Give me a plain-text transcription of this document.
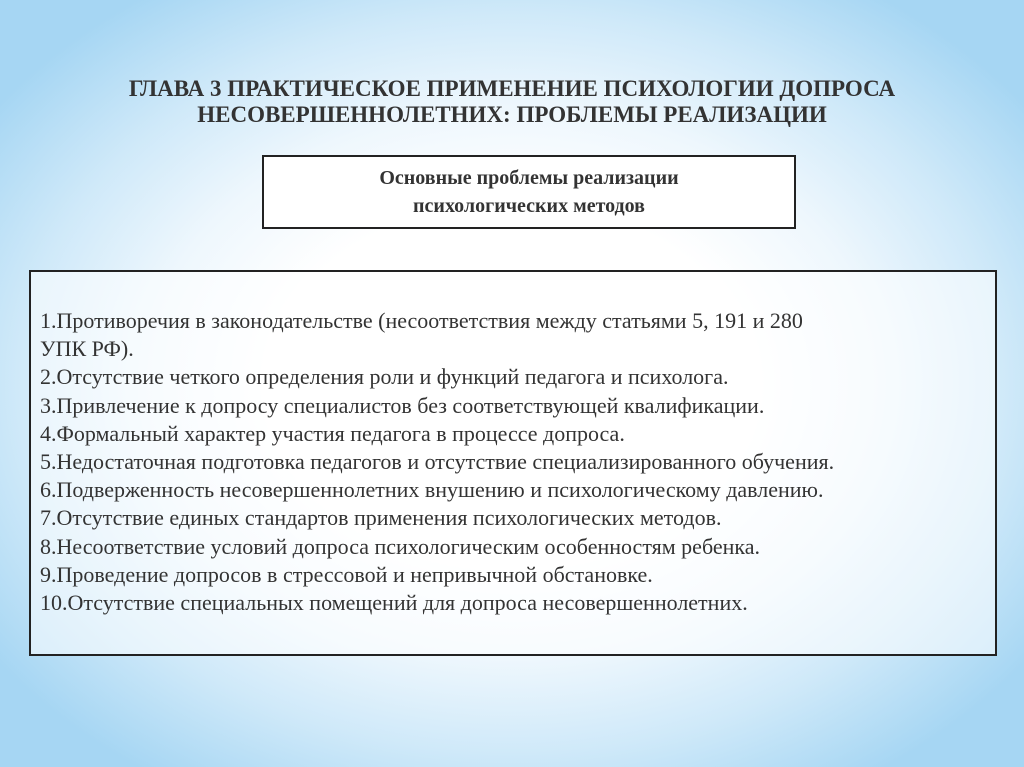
ГЛАВА 3 ПРАКТИЧЕСКОЕ ПРИМЕНЕНИЕ ПСИХОЛОГИИ ДОПРОСА
НЕСОВЕРШЕННОЛЕТНИХ: ПРОБЛЕМЫ РЕАЛИЗАЦИИ
Основные проблемы реализации
психологических методов
1.Противоречия в законодательстве (несоответствия между статьями 5, 191 и 280
УПК РФ).
2.Отсутствие четкого определения роли и функций педагога и психолога.
3.Привлечение к допросу специалистов без соответствующей квалификации.
4.Формальный характер участия педагога в процессе допроса.
5.Недостаточная подготовка педагогов и отсутствие специализированного обучения.
6.Подверженность несовершеннолетних внушению и психологическому давлению.
7.Отсутствие единых стандартов применения психологических методов.
8.Несоответствие условий допроса психологическим особенностям ребенка.
9.Проведение допросов в стрессовой и непривычной обстановке.
10.Отсутствие специальных помещений для допроса несовершеннолетних.
